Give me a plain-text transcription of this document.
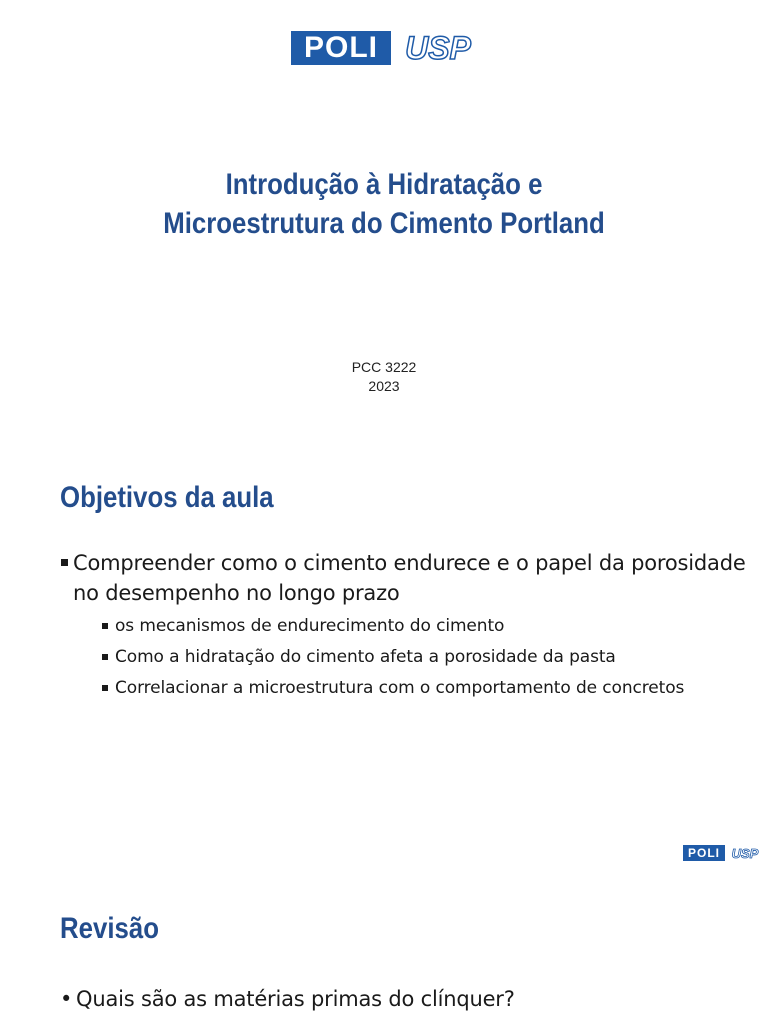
POLI USP
Introdução à Hidratação e
Microestrutura do Cimento Portland
PCC 3222
2023
Objetivos da aula
Compreender como o cimento endurece e o papel da porosidade no desempenho no longo prazo
os mecanismos de endurecimento do cimento
Como a hidratação do cimento afeta a porosidade da pasta
Correlacionar a microestrutura com o comportamento de concretos
POLI USP
Revisão
• Quais são as matérias primas do clínquer?
